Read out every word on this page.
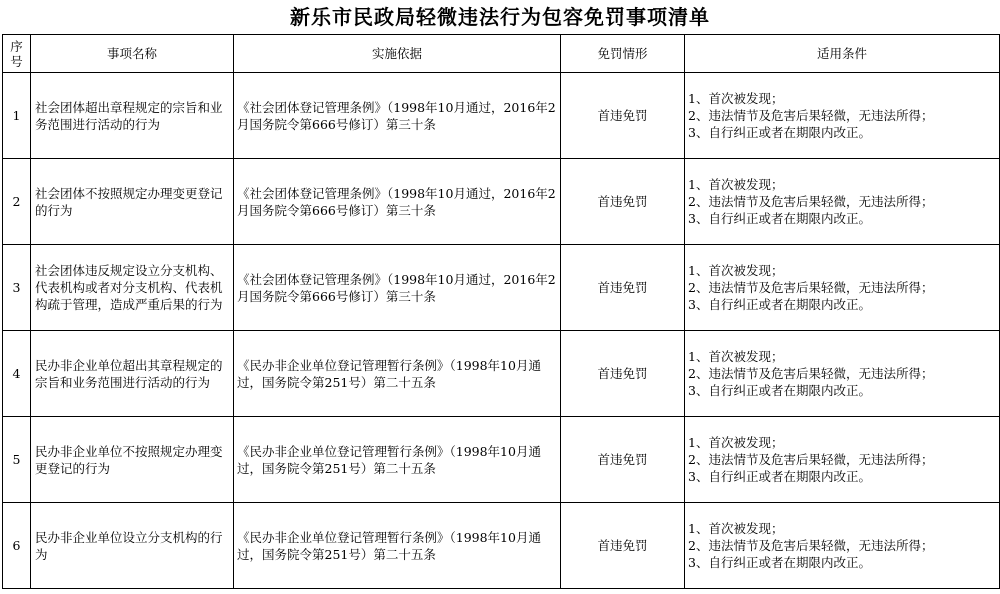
新乐市民政局轻微违法行为包容免罚事项清单
序
号	事项名称	实施依据	免罚情形	适用条件
1	社会团体超出章程规定的宗旨和业务范围进行活动的行为	《社会团体登记管理条例》（1998年10月通过，2016年2月国务院令第666号修订）第三十条	首违免罚	1、首次被发现；
2、违法情节及危害后果轻微，无违法所得；
3、自行纠正或者在期限内改正。

2	社会团体不按照规定办理变更登记的行为	《社会团体登记管理条例》（1998年10月通过，2016年2月国务院令第666号修订）第三十条	首违免罚	1、首次被发现；
2、违法情节及危害后果轻微，无违法所得；
3、自行纠正或者在期限内改正。

3	社会团体违反规定设立分支机构、代表机构或者对分支机构、代表机构疏于管理，造成严重后果的行为	《社会团体登记管理条例》（1998年10月通过，2016年2月国务院令第666号修订）第三十条	首违免罚	1、首次被发现；
2、违法情节及危害后果轻微，无违法所得；
3、自行纠正或者在期限内改正。

4	民办非企业单位超出其章程规定的宗旨和业务范围进行活动的行为	《民办非企业单位登记管理暂行条例》（1998年10月通过，国务院令第251号）第二十五条	首违免罚	1、首次被发现；
2、违法情节及危害后果轻微，无违法所得；
3、自行纠正或者在期限内改正。

5	民办非企业单位不按照规定办理变更登记的行为	《民办非企业单位登记管理暂行条例》（1998年10月通过，国务院令第251号）第二十五条	首违免罚	1、首次被发现；
2、违法情节及危害后果轻微，无违法所得；
3、自行纠正或者在期限内改正。

6	民办非企业单位设立分支机构的行为	《民办非企业单位登记管理暂行条例》（1998年10月通过，国务院令第251号）第二十五条	首违免罚	1、首次被发现；
2、违法情节及危害后果轻微，无违法所得；
3、自行纠正或者在期限内改正。
